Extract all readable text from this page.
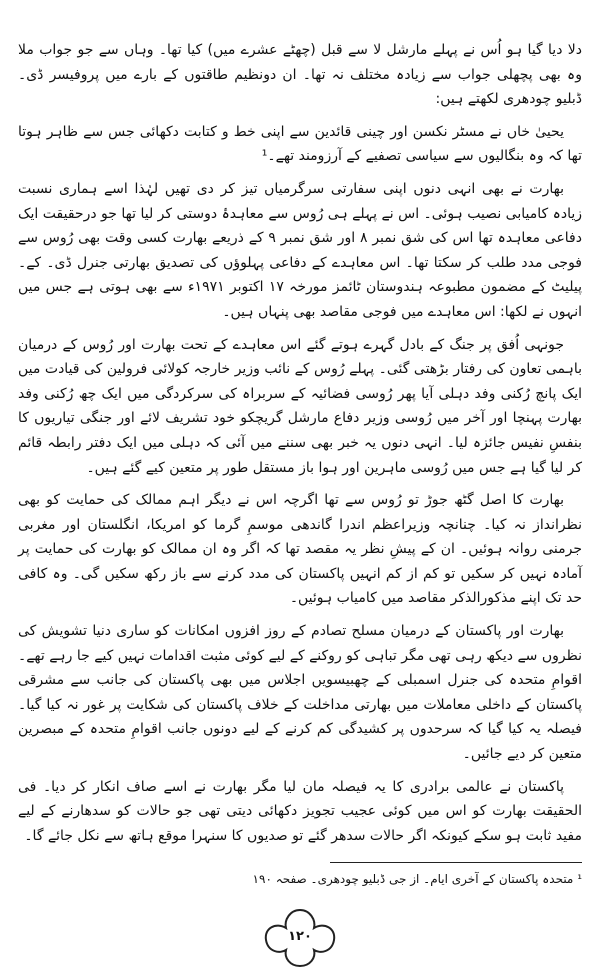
دلا دیا گیا ہو اُس نے پہلے مارشل لا سے قبل (چھٹے عشرے میں) کیا تھا۔ وہاں سے جو جواب ملا وہ بھی پچھلی جواب سے زیادہ مختلف نہ تھا۔ ان دونظیم طاقتوں کے بارے میں پروفیسر ڈی۔ ڈبلیو چودھری لکھتے ہیں:

یحییٰ خاں نے مسٹر نکسن اور چینی قائدین سے اپنی خط و کتابت دکھائی جس سے ظاہر ہوتا تھا کہ وہ بنگالیوں سے سیاسی تصفیے کے آرزومند تھے۔¹

بھارت نے بھی انہی دنوں اپنی سفارتی سرگرمیاں تیز کر دی تھیں لہٰذا اسے ہماری نسبت زیادہ کامیابی نصیب ہوئی۔ اس نے پہلے ہی رُوس سے معاہدۂ دوستی کر لیا تھا جو درحقیقت ایک دفاعی معاہدہ تھا اس کی شق نمبر ۸ اور شق نمبر ۹ کے ذریعے بھارت کسی وقت بھی رُوس سے فوجی مدد طلب کر سکتا تھا۔ اس معاہدے کے دفاعی پہلوؤں کی تصدیق بھارتی جنرل ڈی۔ کے۔ پیلیٹ کے مضمون مطبوعہ ہندوستان ٹائمز مورخہ ۱۷ اکتوبر ۱۹۷۱ء سے بھی ہوتی ہے جس میں انہوں نے لکھا: اس معاہدے میں فوجی مقاصد بھی پنہاں ہیں۔

جونہی اُفق پر جنگ کے بادل گہرے ہوتے گئے اس معاہدے کے تحت بھارت اور رُوس کے درمیان باہمی تعاون کی رفتار بڑھتی گئی۔ پہلے رُوس کے نائب وزیر خارجہ کولائی فرولین کی قیادت میں ایک پانچ رُکنی وفد دہلی آیا پھر رُوسی فضائیہ کے سربراہ کی سرکردگی میں ایک چھ رُکنی وفد بھارت پہنچا اور آخر میں رُوسی وزیر دفاع مارشل گریچکو خود تشریف لائے اور جنگی تیاریوں کا بنفسِ نفیس جائزہ لیا۔ انہی دنوں یہ خبر بھی سننے میں آئی کہ دہلی میں ایک دفتر رابطہ قائم کر لیا گیا ہے جس میں رُوسی ماہرین اور ہوا باز مستقل طور پر متعین کیے گئے ہیں۔

بھارت کا اصل گٹھ جوڑ تو رُوس سے تھا اگرچہ اس نے دیگر اہم ممالک کی حمایت کو بھی نظرانداز نہ کیا۔ چنانچہ وزیراعظم اندرا گاندھی موسمِ گرما کو امریکا، انگلستان اور مغربی جرمنی روانہ ہوئیں۔ ان کے پیشِ نظر یہ مقصد تھا کہ اگر وہ ان ممالک کو بھارت کی حمایت پر آمادہ نہیں کر سکیں تو کم از کم انہیں پاکستان کی مدد کرنے سے باز رکھ سکیں گی۔ وہ کافی حد تک اپنے مذکورالذکر مقاصد میں کامیاب ہوئیں۔

بھارت اور پاکستان کے درمیان مسلح تصادم کے روز افزوں امکانات کو ساری دنیا تشویش کی نظروں سے دیکھ رہی تھی مگر تباہی کو روکنے کے لیے کوئی مثبت اقدامات نہیں کیے جا رہے تھے۔ اقوامِ متحدہ کی جنرل اسمبلی کے چھبیسویں اجلاس میں بھی پاکستان کی جانب سے مشرقی پاکستان کے داخلی معاملات میں بھارتی مداخلت کے خلاف پاکستان کی شکایت پر غور نہ کیا گیا۔ فیصلہ یہ کیا گیا کہ سرحدوں پر کشیدگی کم کرنے کے لیے دونوں جانب اقوامِ متحدہ کے مبصرین متعین کر دیے جائیں۔

پاکستان نے عالمی برادری کا یہ فیصلہ مان لیا مگر بھارت نے اسے صاف انکار کر دیا۔ فی الحقیقت بھارت کو اس میں کوئی عجیب تجویز دکھائی دیتی تھی جو حالات کو سدھارنے کے لیے مفید ثابت ہو سکے کیونکہ اگر حالات سدھر گئے تو صدیوں کا سنہرا موقع ہاتھ سے نکل جائے گا۔

¹ متحدہ پاکستان کے آخری ایام۔ از جی ڈبلیو چودھری۔ صفحہ ۱۹۰
۱۲۰
